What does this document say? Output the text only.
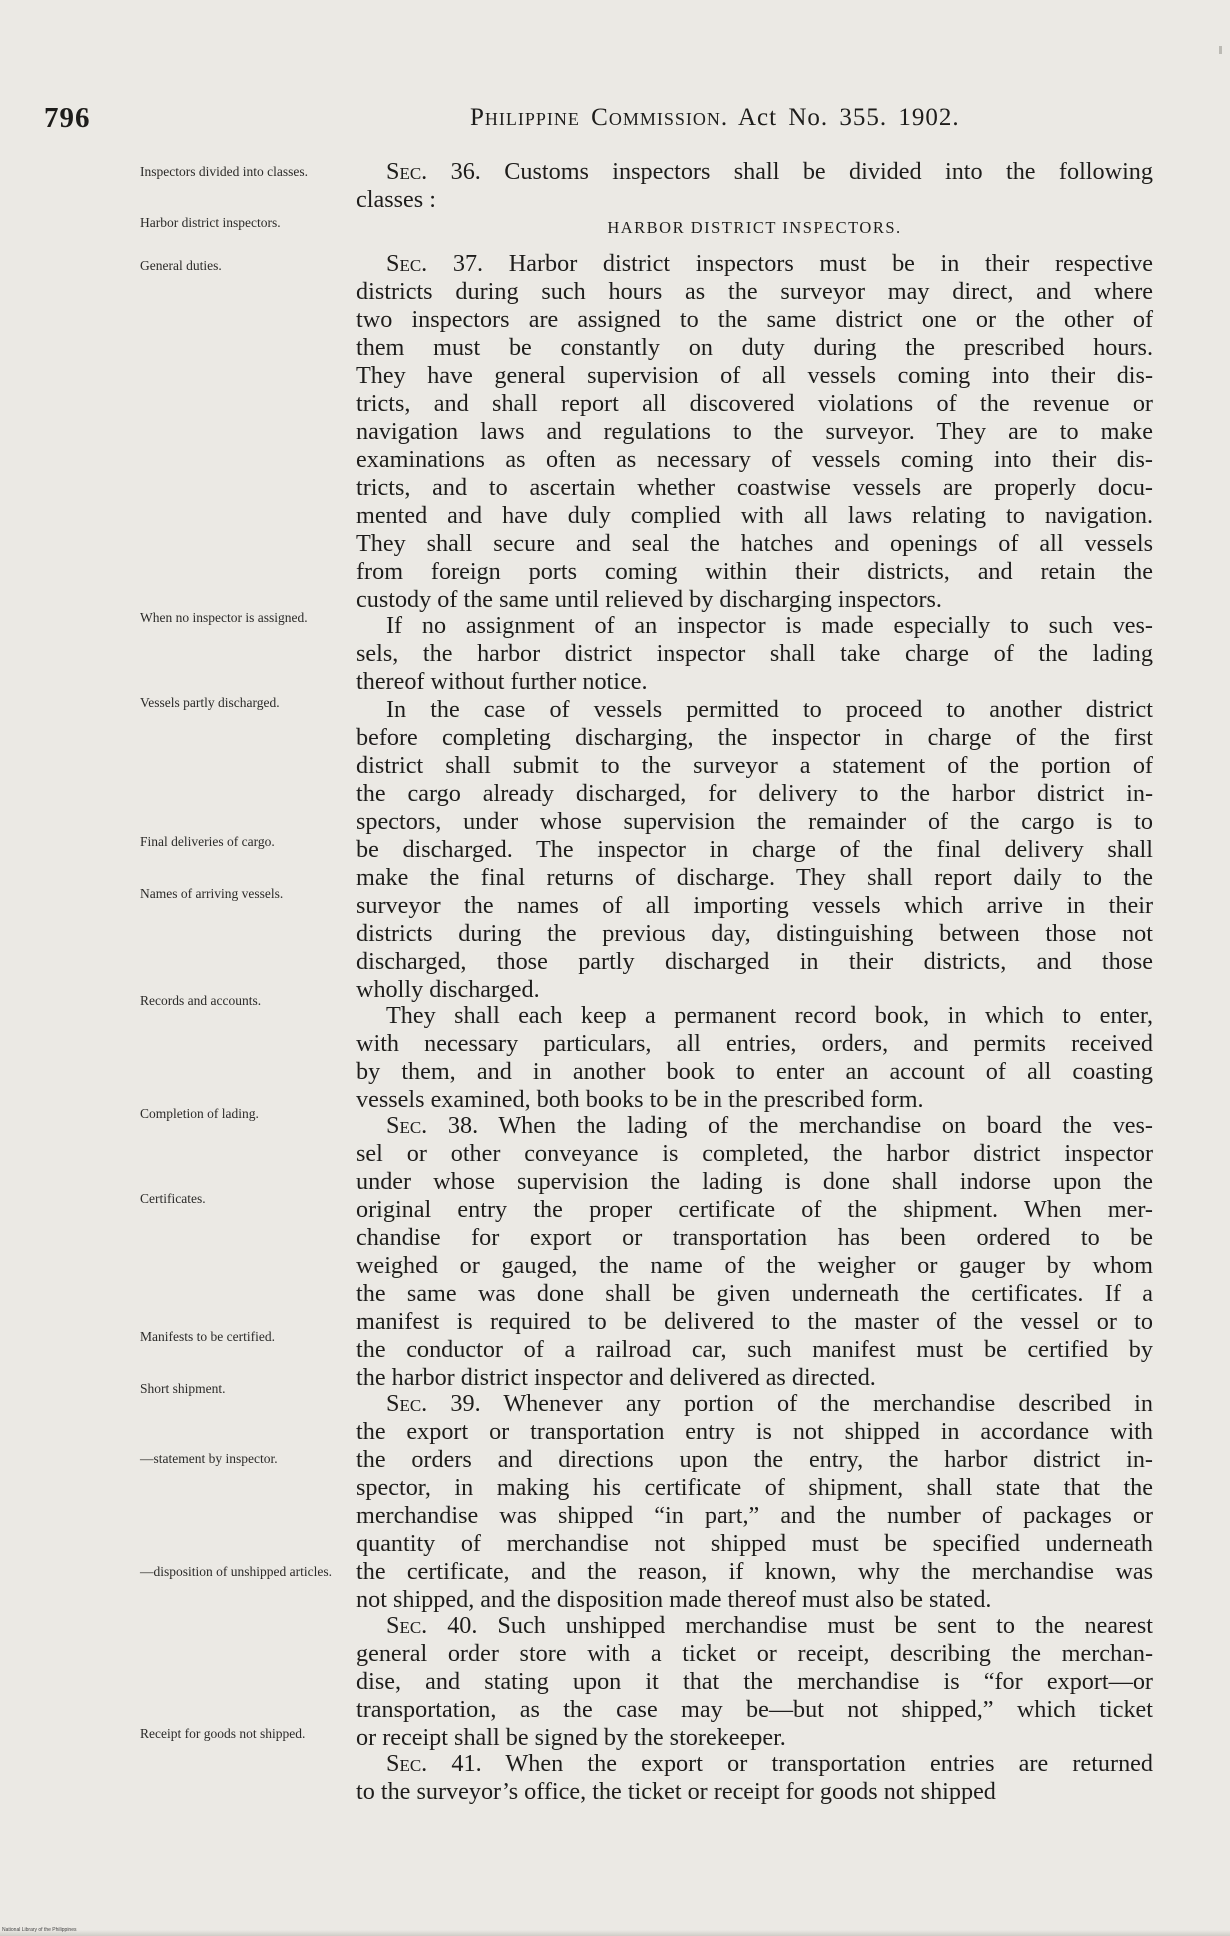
796	Philippine Commission. Act No. 355. 1902.
Inspectors divided into classes.
Harbor district inspectors.
General duties.
When no inspector is assigned.
Vessels partly discharged.
Final deliveries of cargo.
Names of arriving vessels.
Records and accounts.
Completion of lading.
Certificates.
Manifests to be certified.
Short shipment.
—statement by inspector.
—disposition of unshipped articles.
Receipt for goods not shipped.
HARBOR DISTRICT INSPECTORS.
Sec. 36. Customs inspectors shall be divided into the following
classes :
Sec. 37. Harbor district inspectors must be in their respective
districts during such hours as the surveyor may direct, and where
two inspectors are assigned to the same district one or the other of
them must be constantly on duty during the prescribed hours.
They have general supervision of all vessels coming into their dis-
tricts, and shall report all discovered violations of the revenue or
navigation laws and regulations to the surveyor. They are to make
examinations as often as necessary of vessels coming into their dis-
tricts, and to ascertain whether coastwise vessels are properly docu-
mented and have duly complied with all laws relating to navigation.
They shall secure and seal the hatches and openings of all vessels
from foreign ports coming within their districts, and retain the
custody of the same until relieved by discharging inspectors.
If no assignment of an inspector is made especially to such ves-
sels, the harbor district inspector shall take charge of the lading
thereof without further notice.
In the case of vessels permitted to proceed to another district
before completing discharging, the inspector in charge of the first
district shall submit to the surveyor a statement of the portion of
the cargo already discharged, for delivery to the harbor district in-
spectors, under whose supervision the remainder of the cargo is to
be discharged. The inspector in charge of the final delivery shall
make the final returns of discharge. They shall report daily to the
surveyor the names of all importing vessels which arrive in their
districts during the previous day, distinguishing between those not
discharged, those partly discharged in their districts, and those
wholly discharged.
They shall each keep a permanent record book, in which to enter,
with necessary particulars, all entries, orders, and permits received
by them, and in another book to enter an account of all coasting
vessels examined, both books to be in the prescribed form.
Sec. 38. When the lading of the merchandise on board the ves-
sel or other conveyance is completed, the harbor district inspector
under whose supervision the lading is done shall indorse upon the
original entry the proper certificate of the shipment. When mer-
chandise for export or transportation has been ordered to be
weighed or gauged, the name of the weigher or gauger by whom
the same was done shall be given underneath the certificates. If a
manifest is required to be delivered to the master of the vessel or to
the conductor of a railroad car, such manifest must be certified by
the harbor district inspector and delivered as directed.
Sec. 39. Whenever any portion of the merchandise described in
the export or transportation entry is not shipped in accordance with
the orders and directions upon the entry, the harbor district in-
spector, in making his certificate of shipment, shall state that the
merchandise was shipped “in part,” and the number of packages or
quantity of merchandise not shipped must be specified underneath
the certificate, and the reason, if known, why the merchandise was
not shipped, and the disposition made thereof must also be stated.
Sec. 40. Such unshipped merchandise must be sent to the nearest
general order store with a ticket or receipt, describing the merchan-
dise, and stating upon it that the merchandise is “for export—or
transportation, as the case may be—but not shipped,” which ticket
or receipt shall be signed by the storekeeper.
Sec. 41. When the export or transportation entries are returned
to the surveyor’s office, the ticket or receipt for goods not shipped
National Library of the Philippines
